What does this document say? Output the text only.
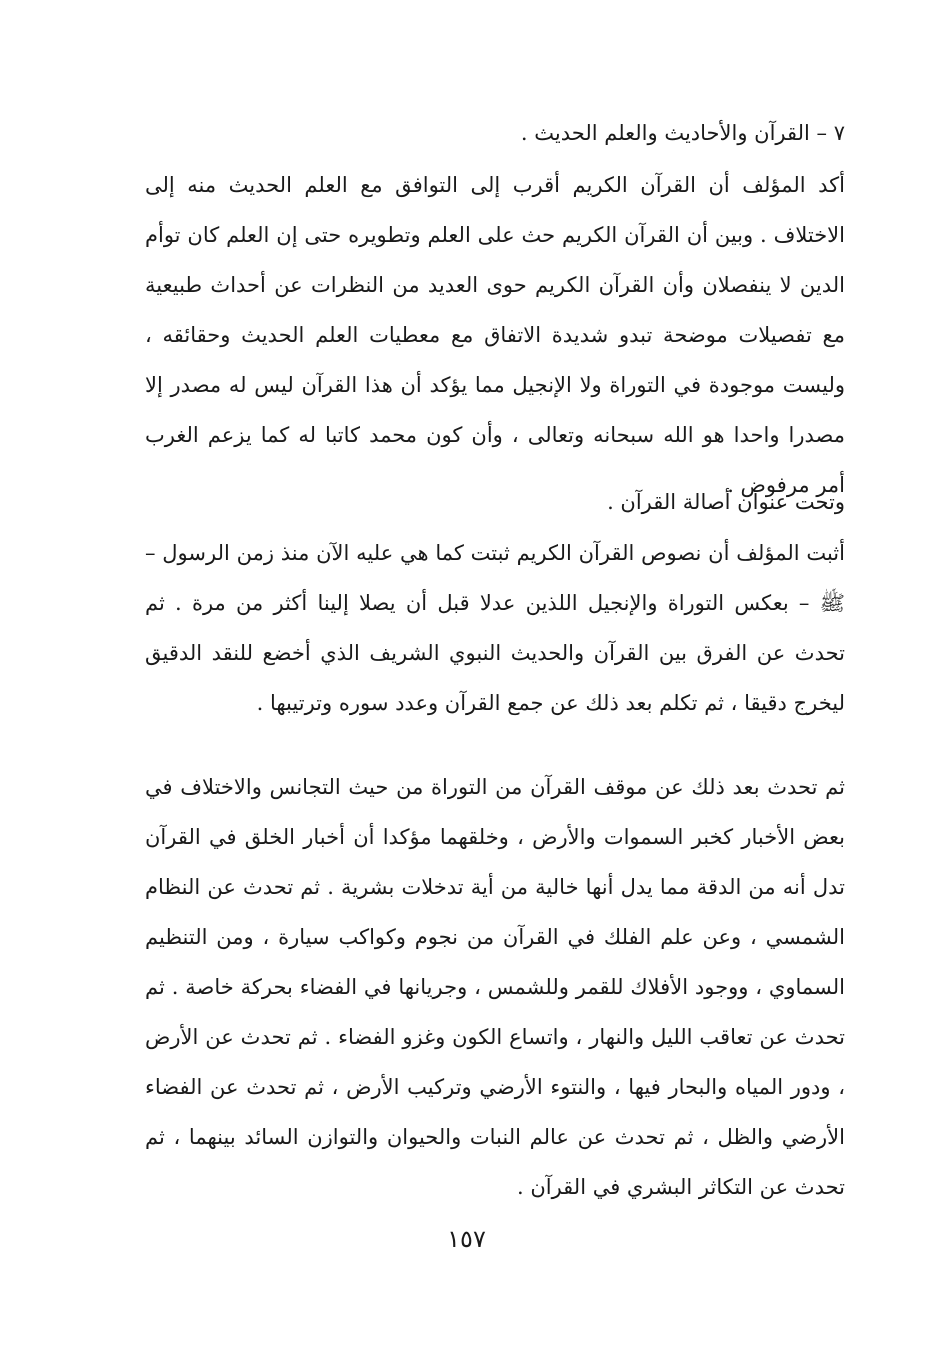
٧ – القرآن والأحاديث والعلم الحديث .

أكد المؤلف أن القرآن الكريم أقرب إلى التوافق مع العلم الحديث منه إلى الاختلاف . وبين أن القرآن الكريم حث على العلم وتطويره حتى إن العلم كان توأم الدين لا ينفصلان وأن القرآن الكريم حوى العديد من النظرات عن أحداث طبيعية مع تفصيلات موضحة تبدو شديدة الاتفاق مع معطيات العلم الحديث وحقائقه ، وليست موجودة في التوراة ولا الإنجيل مما يؤكد أن هذا القرآن ليس له مصدر إلا مصدرا واحدا هو الله سبحانه وتعالى ، وأن كون محمد كاتبا له كما يزعم الغرب أمر مرفوض .

وتحت عنوان أصالة القرآن .

أثبت المؤلف أن نصوص القرآن الكريم ثبتت كما هي عليه الآن منذ زمن الرسول – ﷺ – بعكس التوراة والإنجيل اللذين عدلا قبل أن يصلا إلينا أكثر من مرة . ثم تحدث عن الفرق بين القرآن والحديث النبوي الشريف الذي أخضع للنقد الدقيق ليخرج دقيقا ، ثم تكلم بعد ذلك عن جمع القرآن وعدد سوره وترتيبها .

ثم تحدث بعد ذلك عن موقف القرآن من التوراة من حيث التجانس والاختلاف في بعض الأخبار كخبر السموات والأرض ، وخلقهما مؤكدا أن أخبار الخلق في القرآن تدل أنه من الدقة مما يدل أنها خالية من أية تدخلات بشرية . ثم تحدث عن النظام الشمسي ، وعن علم الفلك في القرآن من نجوم وكواكب سيارة ، ومن التنظيم السماوي ، ووجود الأفلاك للقمر وللشمس ، وجريانها في الفضاء بحركة خاصة . ثم تحدث عن تعاقب الليل والنهار ، واتساع الكون وغزو الفضاء . ثم تحدث عن الأرض ، ودور المياه والبحار فيها ، والنتوء الأرضي وتركيب الأرض ، ثم تحدث عن الفضاء الأرضي والظل ، ثم تحدث عن عالم النبات والحيوان والتوازن السائد بينهما ، ثم تحدث عن التكاثر البشري في القرآن .

١٥٧
